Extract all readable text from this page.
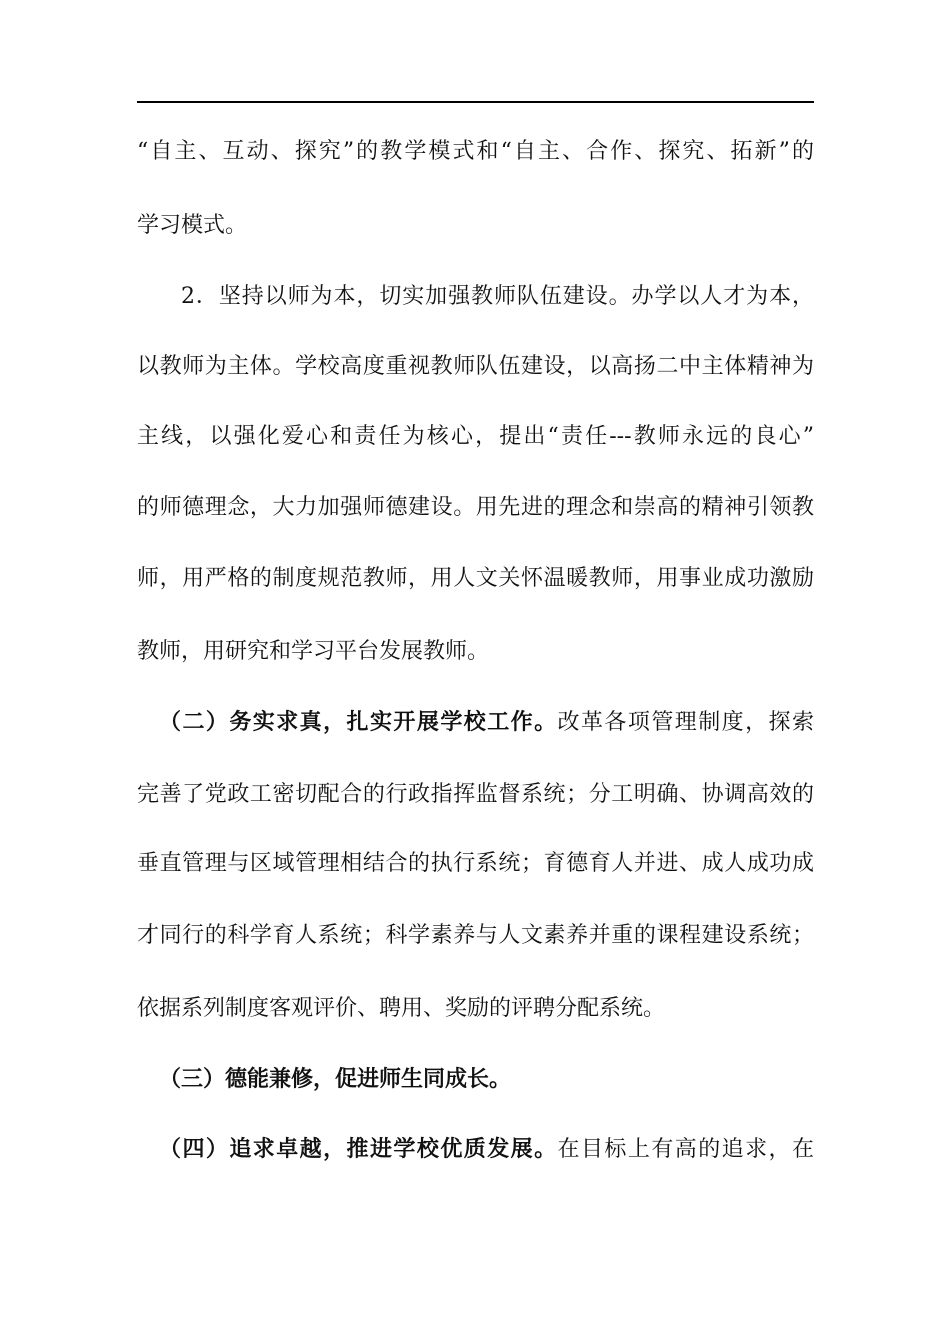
“自主、互动、探究”的教学模式和“自主、合作、探究、拓新”的
学习模式。
2．坚持以师为本，切实加强教师队伍建设。办学以人才为本，
以教师为主体。学校高度重视教师队伍建设，以高扬二中主体精神为
主线，以强化爱心和责任为核心，提出“责任---教师永远的良心”
的师德理念，大力加强师德建设。用先进的理念和崇高的精神引领教
师，用严格的制度规范教师，用人文关怀温暖教师，用事业成功激励
教师，用研究和学习平台发展教师。
（二）务实求真，扎实开展学校工作。改革各项管理制度，探索
完善了党政工密切配合的行政指挥监督系统；分工明确、协调高效的
垂直管理与区域管理相结合的执行系统；育德育人并进、成人成功成
才同行的科学育人系统；科学素养与人文素养并重的课程建设系统；
依据系列制度客观评价、聘用、奖励的评聘分配系统。
（三）德能兼修，促进师生同成长。
（四）追求卓越，推进学校优质发展。在目标上有高的追求，在
